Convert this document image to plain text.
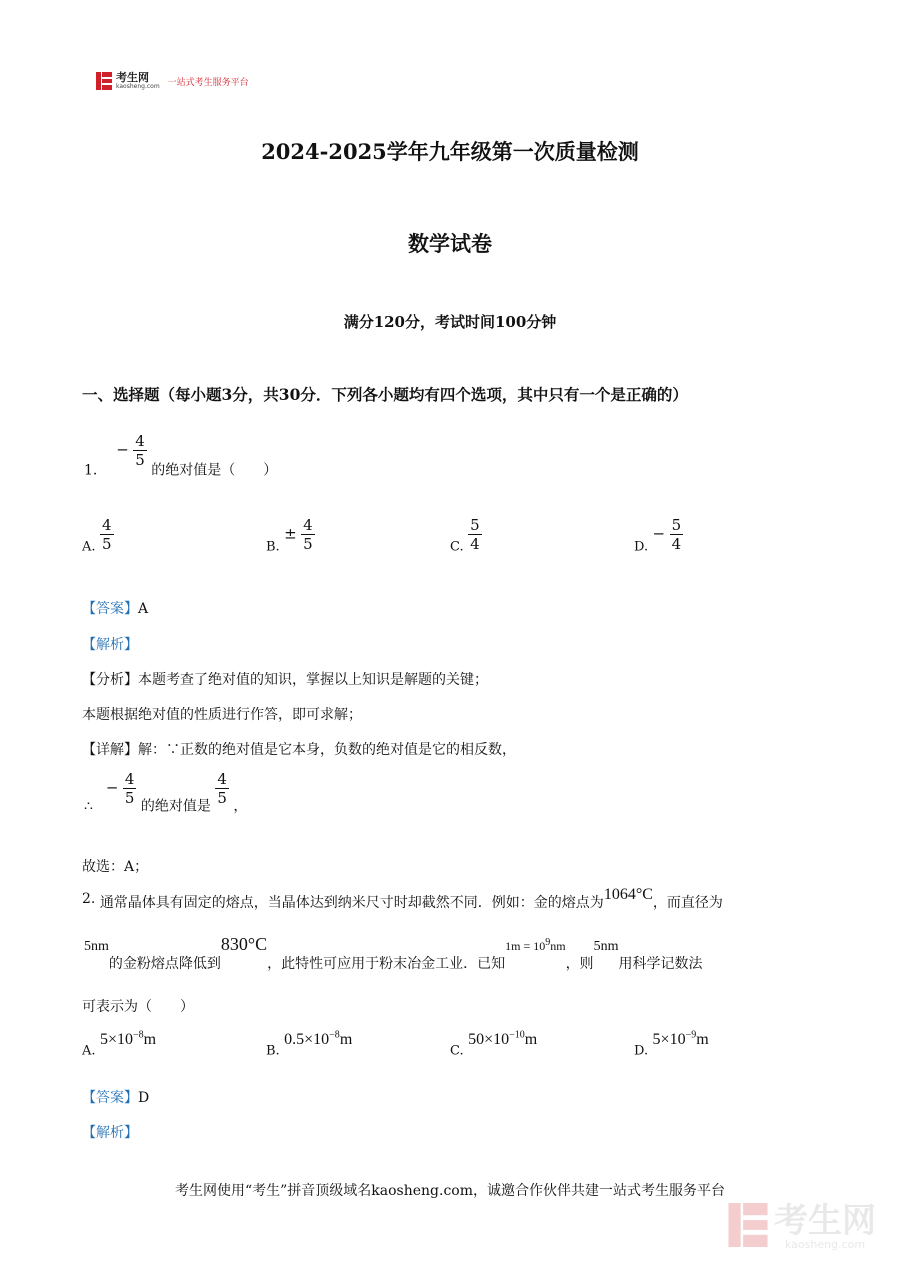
考生网
kaosheng.com 一站式考生服务平台
2024-2025学年九年级第一次质量检测
数学试卷
满分120分，考试时间100分钟
一、选择题（每小题3分，共30分．下列各小题均有四个选项，其中只有一个是正确的）
1.  − $\frac{4}{5}$
的绝对值是（　　）
A. $\frac{4}{5}$	B. ± $\frac{4}{5}$	C. $\frac{5}{4}$	D. − $\frac{5}{4}$
【答案】A
【解析】
【分析】本题考查了绝对值的知识，掌握以上知识是解题的关键；
本题根据绝对值的性质进行作答，即可求解；
【详解】解：∵正数的绝对值是它本身，负数的绝对值是它的相反数，
∴  − $\frac{4}{5}$ 的绝对值是 $\frac{4}{5}$ ，
故选：A；
2. 通常晶体具有固定的熔点，当晶体达到纳米尺寸时却截然不同．例如：金的熔点为1064°C，而直径为
5nm的金粉熔点降低到830°C，此特性可应用于粉末冶金工业．已知$1m = 10^9nm$，则5nm用科学记数法
可表示为（　　）
A. $5\times 10^{-8}m$
B. $0.5\times 10^{-8}m$
C. $50\times 10^{-10}m$
D. $5\times 10^{-9}m$
【答案】D
【解析】
考生网使用“考生”拼音顶级域名kaosheng.com，诚邀合作伙伴共建一站式考生服务平台
考生网
kaosheng.com
